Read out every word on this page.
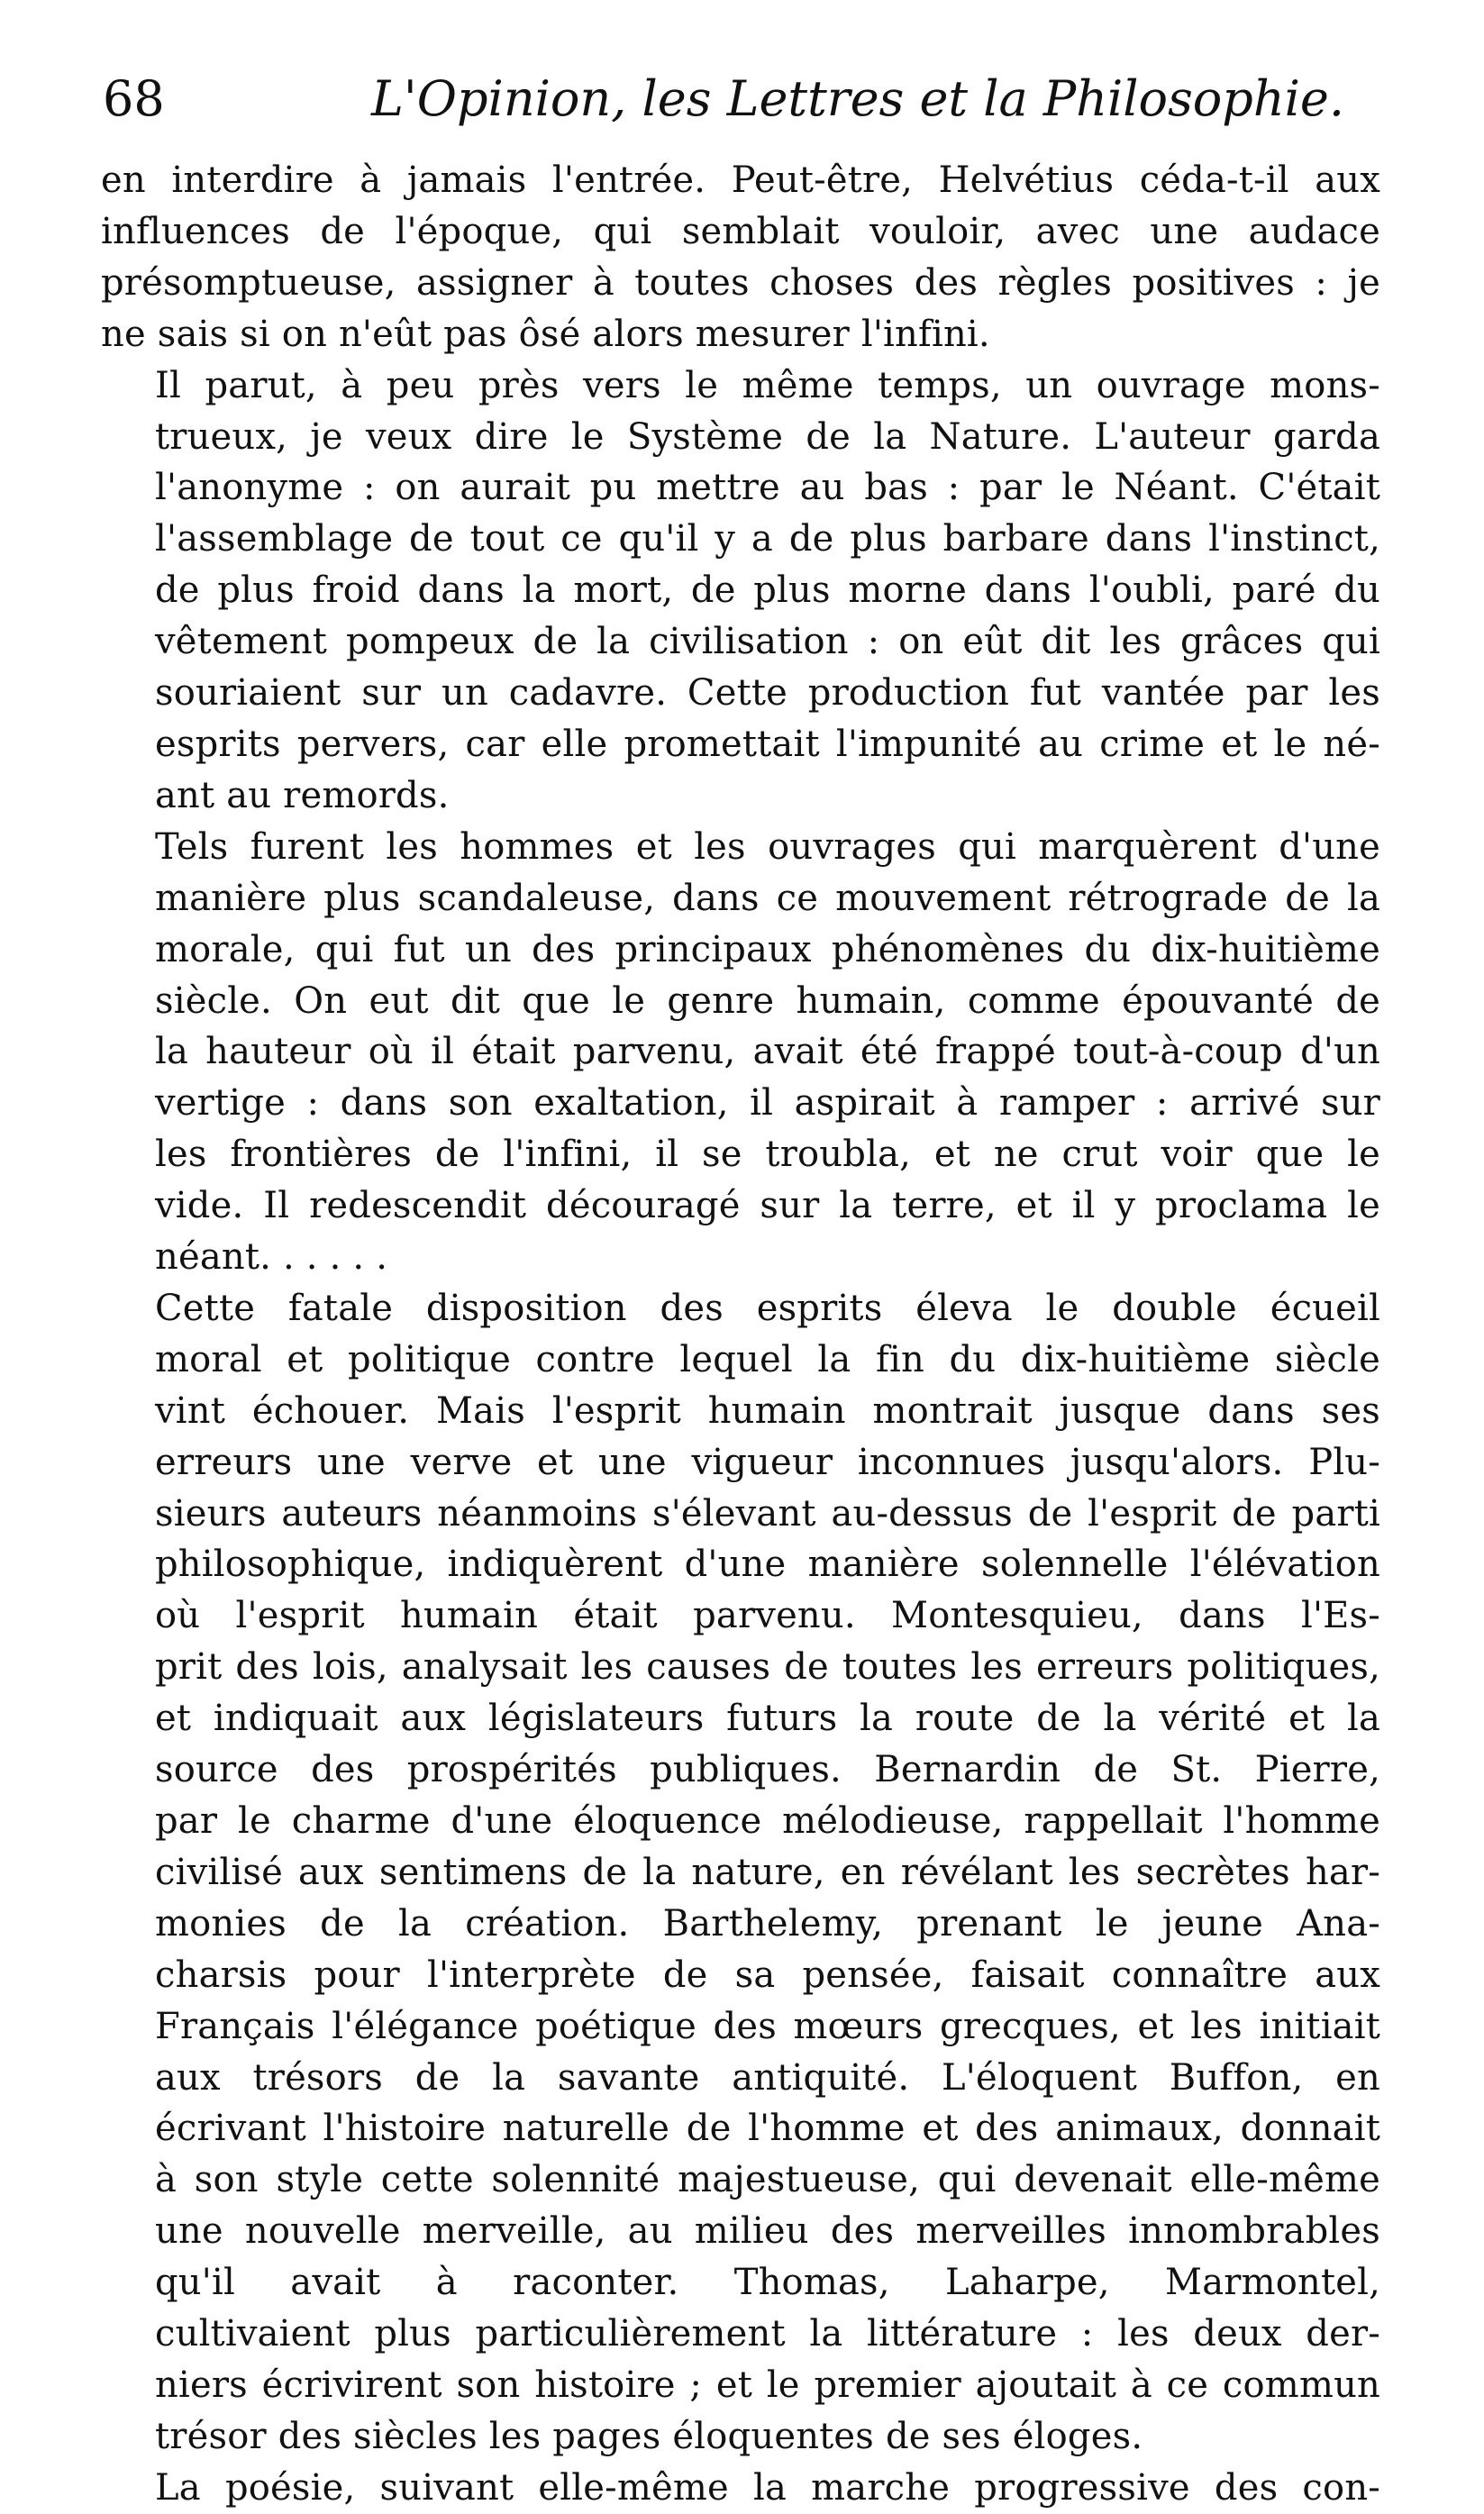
68	L'Opinion, les Lettres et la Philosophie.
en interdire à jamais l'entrée. Peut-être, Helvétius céda-t-il aux
influences de l'époque, qui semblait vouloir, avec une audace
présomptueuse, assigner à toutes choses des règles positives : je
ne sais si on n'eût pas ôsé alors mesurer l'infini.
Il parut, à peu près vers le même temps, un ouvrage mons-
trueux, je veux dire le Système de la Nature. L'auteur garda
l'anonyme : on aurait pu mettre au bas : par le Néant. C'était
l'assemblage de tout ce qu'il y a de plus barbare dans l'instinct,
de plus froid dans la mort, de plus morne dans l'oubli, paré du
vêtement pompeux de la civilisation : on eût dit les grâces qui
souriaient sur un cadavre. Cette production fut vantée par les
esprits pervers, car elle promettait l'impunité au crime et le né-
ant au remords.
Tels furent les hommes et les ouvrages qui marquèrent d'une
manière plus scandaleuse, dans ce mouvement rétrograde de la
morale, qui fut un des principaux phénomènes du dix-huitième
siècle. On eut dit que le genre humain, comme épouvanté de
la hauteur où il était parvenu, avait été frappé tout-à-coup d'un
vertige : dans son exaltation, il aspirait à ramper : arrivé sur
les frontières de l'infini, il se troubla, et ne crut voir que le
vide. Il redescendit découragé sur la terre, et il y proclama le
néant. . . . . .
Cette fatale disposition des esprits éleva le double écueil
moral et politique contre lequel la fin du dix-huitième siècle
vint échouer. Mais l'esprit humain montrait jusque dans ses
erreurs une verve et une vigueur inconnues jusqu'alors. Plu-
sieurs auteurs néanmoins s'élevant au-dessus de l'esprit de parti
philosophique, indiquèrent d'une manière solennelle l'élévation
où l'esprit humain était parvenu. Montesquieu, dans l'Es-
prit des lois, analysait les causes de toutes les erreurs politiques,
et indiquait aux législateurs futurs la route de la vérité et la
source des prospérités publiques. Bernardin de St. Pierre,
par le charme d'une éloquence mélodieuse, rappellait l'homme
civilisé aux sentimens de la nature, en révélant les secrètes har-
monies de la création. Barthelemy, prenant le jeune Ana-
charsis pour l'interprète de sa pensée, faisait connaître aux
Français l'élégance poétique des mœurs grecques, et les initiait
aux trésors de la savante antiquité. L'éloquent Buffon, en
écrivant l'histoire naturelle de l'homme et des animaux, donnait
à son style cette solennité majestueuse, qui devenait elle-même
une nouvelle merveille, au milieu des merveilles innombrables
qu'il avait à raconter. Thomas, Laharpe, Marmontel,
cultivaient plus particulièrement la littérature : les deux der-
niers écrivirent son histoire ; et le premier ajoutait à ce commun
trésor des siècles les pages éloquentes de ses éloges.
La poésie, suivant elle-même la marche progressive des con-
